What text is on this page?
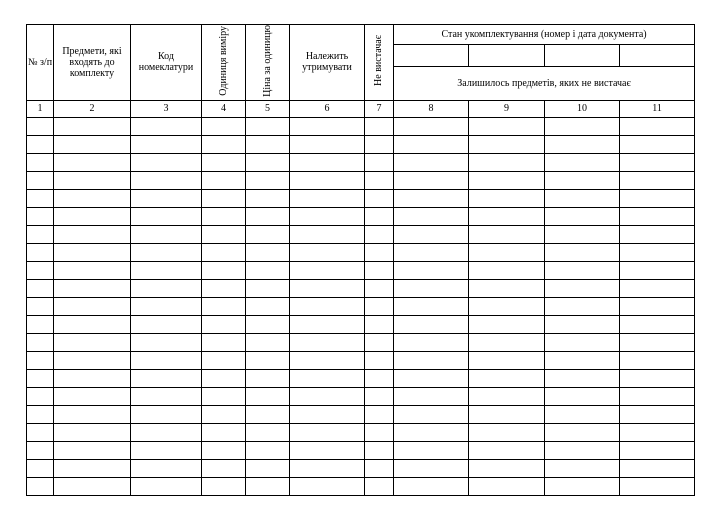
№ з/п	Предмети, які входять до комплекту	Код номеклатури	Одиниця виміру	Ціна за одиницю	Належить утримувати	Не вистачає	Стан укомплектування (номер і дата документа)			

							Залишилось предметів, яких не вистачає			
1	2	3	4	5	6	7	8	9	10	11
